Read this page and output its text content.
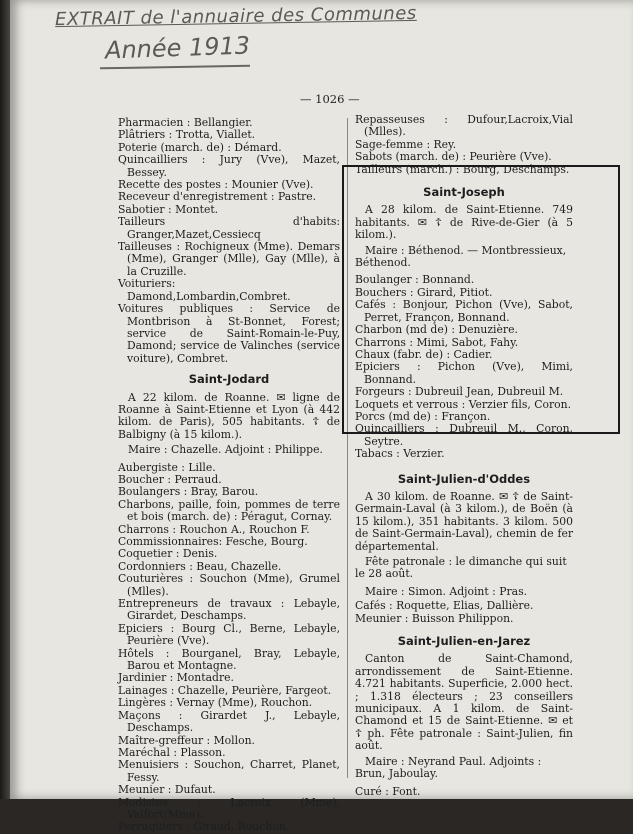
EXTRAIT de l'annuaire des Communes
Année 1913
— 1026 —
Pharmacien : Bellangier.
Plâtriers : Trotta, Viallet.
Poterie (march. de) : Démard.
Quincailliers : Jury (Vve), Mazet, Bessey.
Recette des postes : Mounier (Vve).
Receveur d'enregistrement : Pastre.
Sabotier : Montet.
Tailleurs d'habits: Granger,Mazet,Cessiecq
Tailleuses : Rochigneux (Mme). Demars (Mme), Granger (Mlle), Gay (Mlle), à la Cruzille.
Voituriers: Damond,Lombardin,Combret.
Voitures publiques : Service de Montbrison à St-Bonnet, Forest; service de Saint-Romain-le-Puy, Damond; service de Valinches (service voiture), Combret.
Saint-Jodard
A 22 kilom. de Roanne. ✉ ligne de Roanne à Saint-Etienne et Lyon (à 442 kilom. de Paris), 505 habitants. ☦ de Balbigny (à 15 kilom.).
Maire : Chazelle. Adjoint : Philippe.
Aubergiste : Lille.
Boucher : Perraud.
Boulangers : Bray, Barou.
Charbons, paille, foin, pommes de terre et bois (march. de) : Péragut, Cornay.
Charrons : Rouchon A., Rouchon F.
Commissionnaires: Fesche, Bourg.
Coquetier : Denis.
Cordonniers : Beau, Chazelle.
Couturières : Souchon (Mme), Grumel (Mlles).
Entrepreneurs de travaux : Lebayle, Girardet, Deschamps.
Epiciers : Bourg Cl., Berne, Lebayle, Peurière (Vve).
Hôtels : Bourganel, Bray, Lebayle, Barou et Montagne.
Jardinier : Montadre.
Lainages : Chazelle, Peurière, Fargeot.
Lingères : Vernay (Mme), Rouchon.
Maçons : Girardet J., Lebayle, Deschamps.
Maître-greffeur : Mollon.
Maréchal : Plasson.
Menuisiers : Souchon, Charret, Planet, Fessy.
Meunier : Dufaut.
Modistes : Lacroix (Mme), Valfort(Mme).
Perruquiers : Giraud, Rouchon.
Repasseuses : Dufour,Lacroix,Vial (Mlles).
Sage-femme : Rey.
Sabots (march. de) : Peurière (Vve).
Tailleurs (march.) : Bourg, Deschamps.
Saint-Joseph
A 28 kilom. de Saint-Etienne. 749 habitants. ✉ ☦ de Rive-de-Gier (à 5 kilom.).
Maire : Béthenod. — Montbressieux, Béthenod.
Boulanger : Bonnand.
Bouchers : Girard, Pitiot.
Cafés : Bonjour, Pichon (Vve), Sabot, Perret, Françon, Bonnand.
Charbon (md de) : Denuzière.
Charrons : Mimi, Sabot, Fahy.
Chaux (fabr. de) : Cadier.
Epiciers : Pichon (Vve), Mimi, Bonnand.
Forgeurs : Dubreuil Jean, Dubreuil M.
Loquets et verrous : Verzier fils, Coron.
Porcs (md de) : Françon.
Quincailliers : Dubreuil M., Coron, Seytre.
Tabacs : Verzier.
Saint-Julien-d'Oddes
A 30 kilom. de Roanne. ✉ ☦ de Saint-Germain-Laval (à 3 kilom.), de Boën (à 15 kilom.), 351 habitants. 3 kilom. 500 de Saint-Germain-Laval), chemin de fer départemental.
Fête patronale : le dimanche qui suit le 28 août.
Maire : Simon. Adjoint : Pras.
Cafés : Roquette, Elias, Dallière.
Meunier : Buisson Philippon.
Saint-Julien-en-Jarez
Canton de Saint-Chamond, arrondissement de Saint-Etienne. 4.721 habitants. Superficie, 2.000 hect. ; 1.318 électeurs ; 23 conseillers municipaux. A 1 kilom. de Saint-Chamond et 15 de Saint-Etienne. ✉ et ☦ ph. Fête patronale : Saint-Julien, fin août.
Maire : Neyrand Paul. Adjoints : Brun, Jaboulay.
Curé : Font.
